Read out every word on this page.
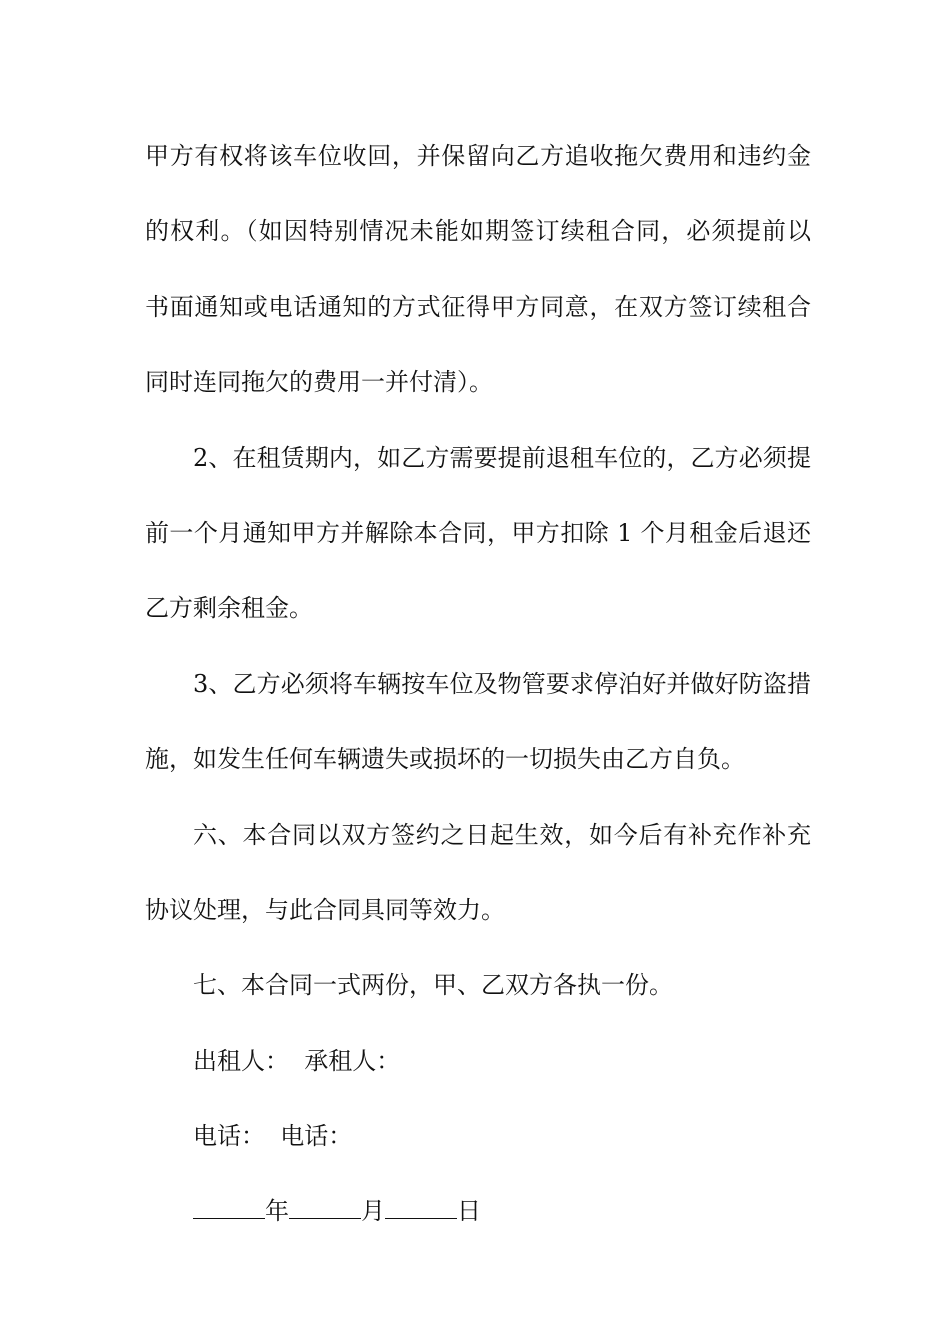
甲方有权将该车位收回，并保留向乙方追收拖欠费用和违约金
的权利。（如因特别情况未能如期签订续租合同，必须提前以
书面通知或电话通知的方式征得甲方同意，在双方签订续租合
同时连同拖欠的费用一并付清）。
2、在租赁期内，如乙方需要提前退租车位的，乙方必须提
前一个月通知甲方并解除本合同，甲方扣除 1 个月租金后退还
乙方剩余租金。
3、乙方必须将车辆按车位及物管要求停泊好并做好防盗措
施，如发生任何车辆遗失或损坏的一切损失由乙方自负。
六、本合同以双方签约之日起生效，如今后有补充作补充
协议处理，与此合同具同等效力。
七、本合同一式两份，甲、乙双方各执一份。
出租人：  承租人：
电话：  电话：
年	月	日
